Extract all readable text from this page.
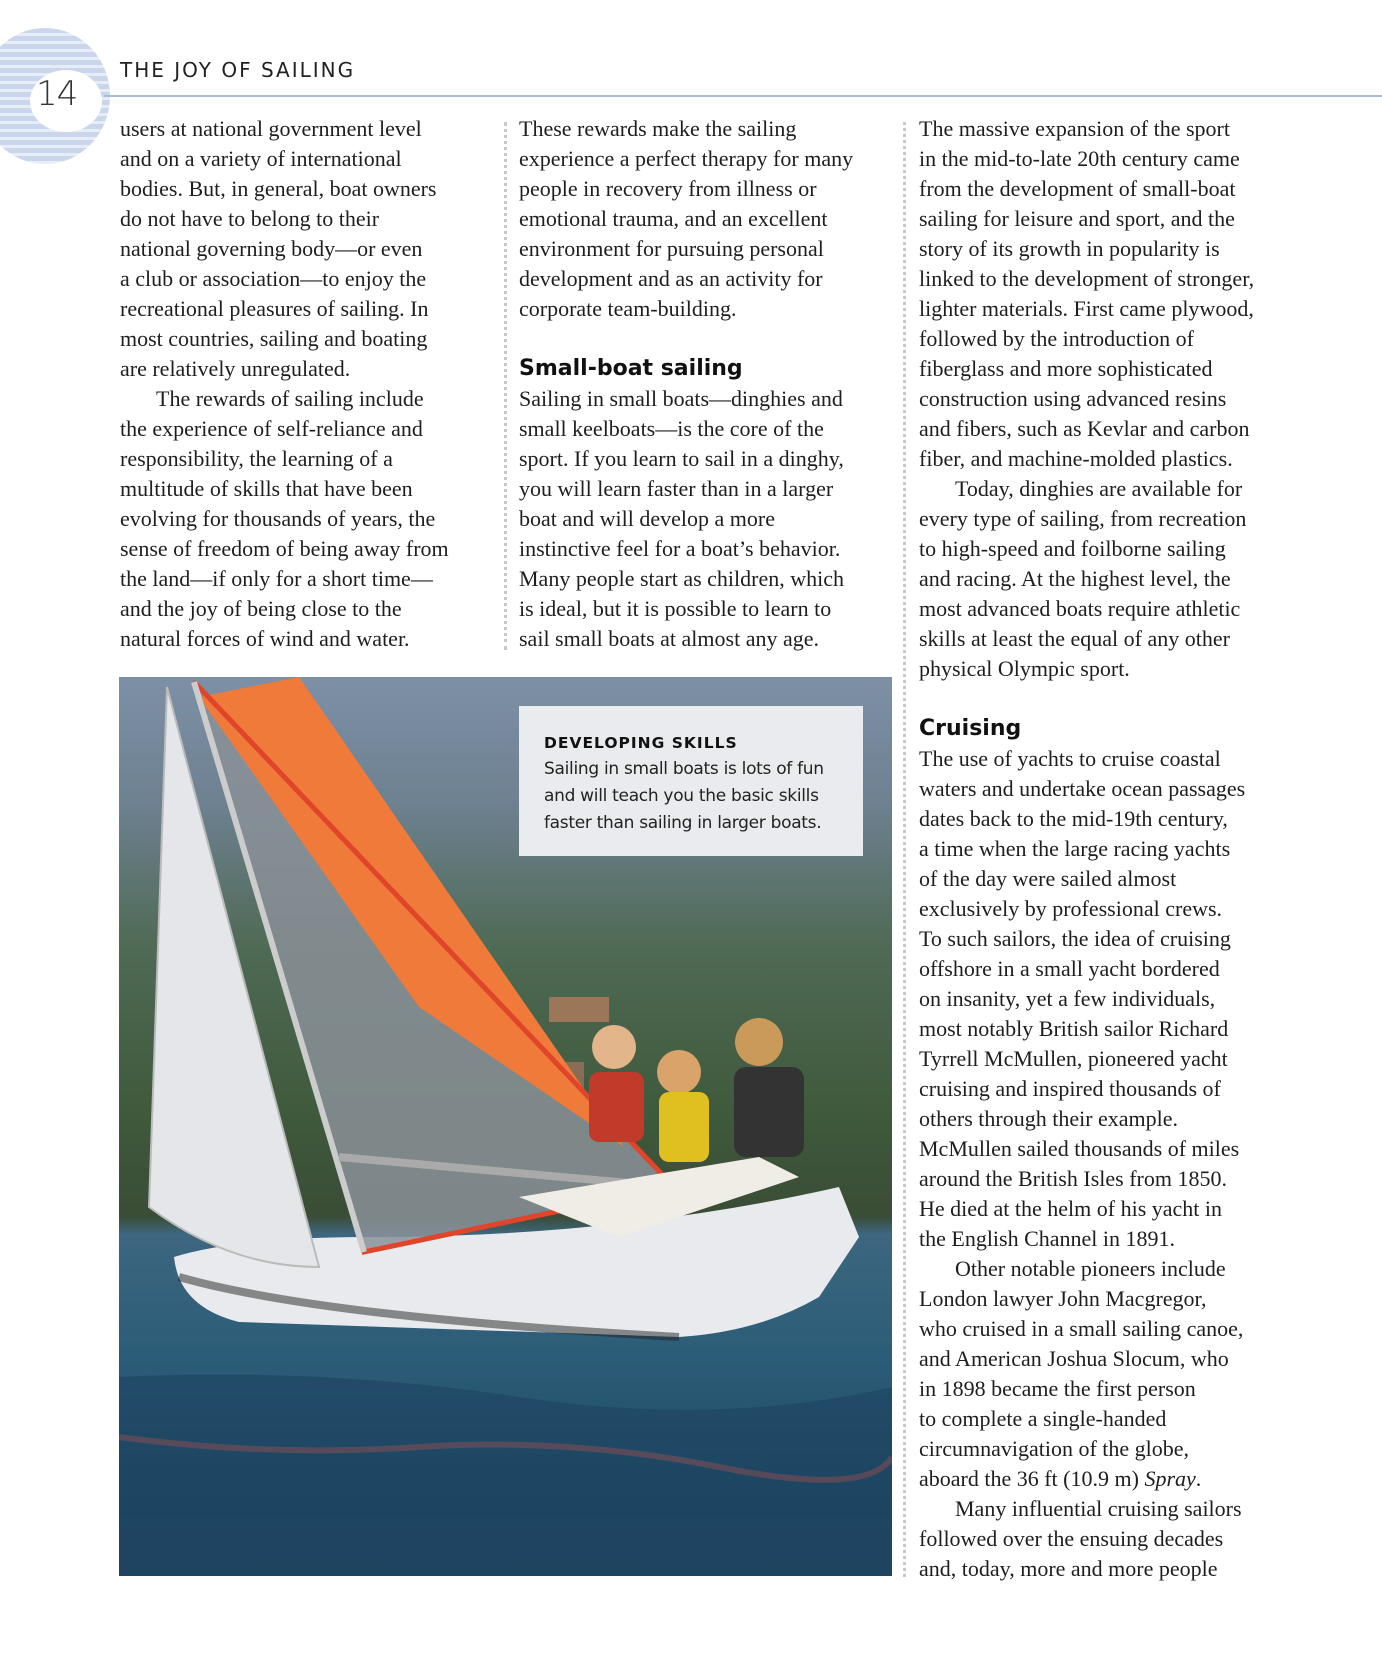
14
THE JOY OF SAILING
users at national government level
and on a variety of international
bodies. But, in general, boat owners
do not have to belong to their
national governing body—or even
a club or association—to enjoy the
recreational pleasures of sailing. In
most countries, sailing and boating
are relatively unregulated.
The rewards of sailing include
the experience of self-reliance and
responsibility, the learning of a
multitude of skills that have been
evolving for thousands of years, the
sense of freedom of being away from
the land—if only for a short time—
and the joy of being close to the
natural forces of wind and water.
These rewards make the sailing
experience a perfect therapy for many
people in recovery from illness or
emotional trauma, and an excellent
environment for pursuing personal
development and as an activity for
corporate team-building.
Small-boat sailing
Sailing in small boats—dinghies and
small keelboats—is the core of the
sport. If you learn to sail in a dinghy,
you will learn faster than in a larger
boat and will develop a more
instinctive feel for a boat’s behavior.
Many people start as children, which
is ideal, but it is possible to learn to
sail small boats at almost any age.
The massive expansion of the sport
in the mid-to-late 20th century came
from the development of small-boat
sailing for leisure and sport, and the
story of its growth in popularity is
linked to the development of stronger,
lighter materials. First came plywood,
followed by the introduction of
fiberglass and more sophisticated
construction using advanced resins
and fibers, such as Kevlar and carbon
fiber, and machine-molded plastics.
Today, dinghies are available for
every type of sailing, from recreation
to high-speed and foilborne sailing
and racing. At the highest level, the
most advanced boats require athletic
skills at least the equal of any other
physical Olympic sport.
Cruising
The use of yachts to cruise coastal
waters and undertake ocean passages
dates back to the mid-19th century,
a time when the large racing yachts
of the day were sailed almost
exclusively by professional crews.
To such sailors, the idea of cruising
offshore in a small yacht bordered
on insanity, yet a few individuals,
most notably British sailor Richard
Tyrrell McMullen, pioneered yacht
cruising and inspired thousands of
others through their example.
McMullen sailed thousands of miles
around the British Isles from 1850.
He died at the helm of his yacht in
the English Channel in 1891.
Other notable pioneers include
London lawyer John Macgregor,
who cruised in a small sailing canoe,
and American Joshua Slocum, who
in 1898 became the first person
to complete a single-handed
circumnavigation of the globe,
aboard the 36 ft (10.9 m) Spray.
Many influential cruising sailors
followed over the ensuing decades
and, today, more and more people
DEVELOPING SKILLS
Sailing in small boats is lots of fun
and will teach you the basic skills
faster than sailing in larger boats.
